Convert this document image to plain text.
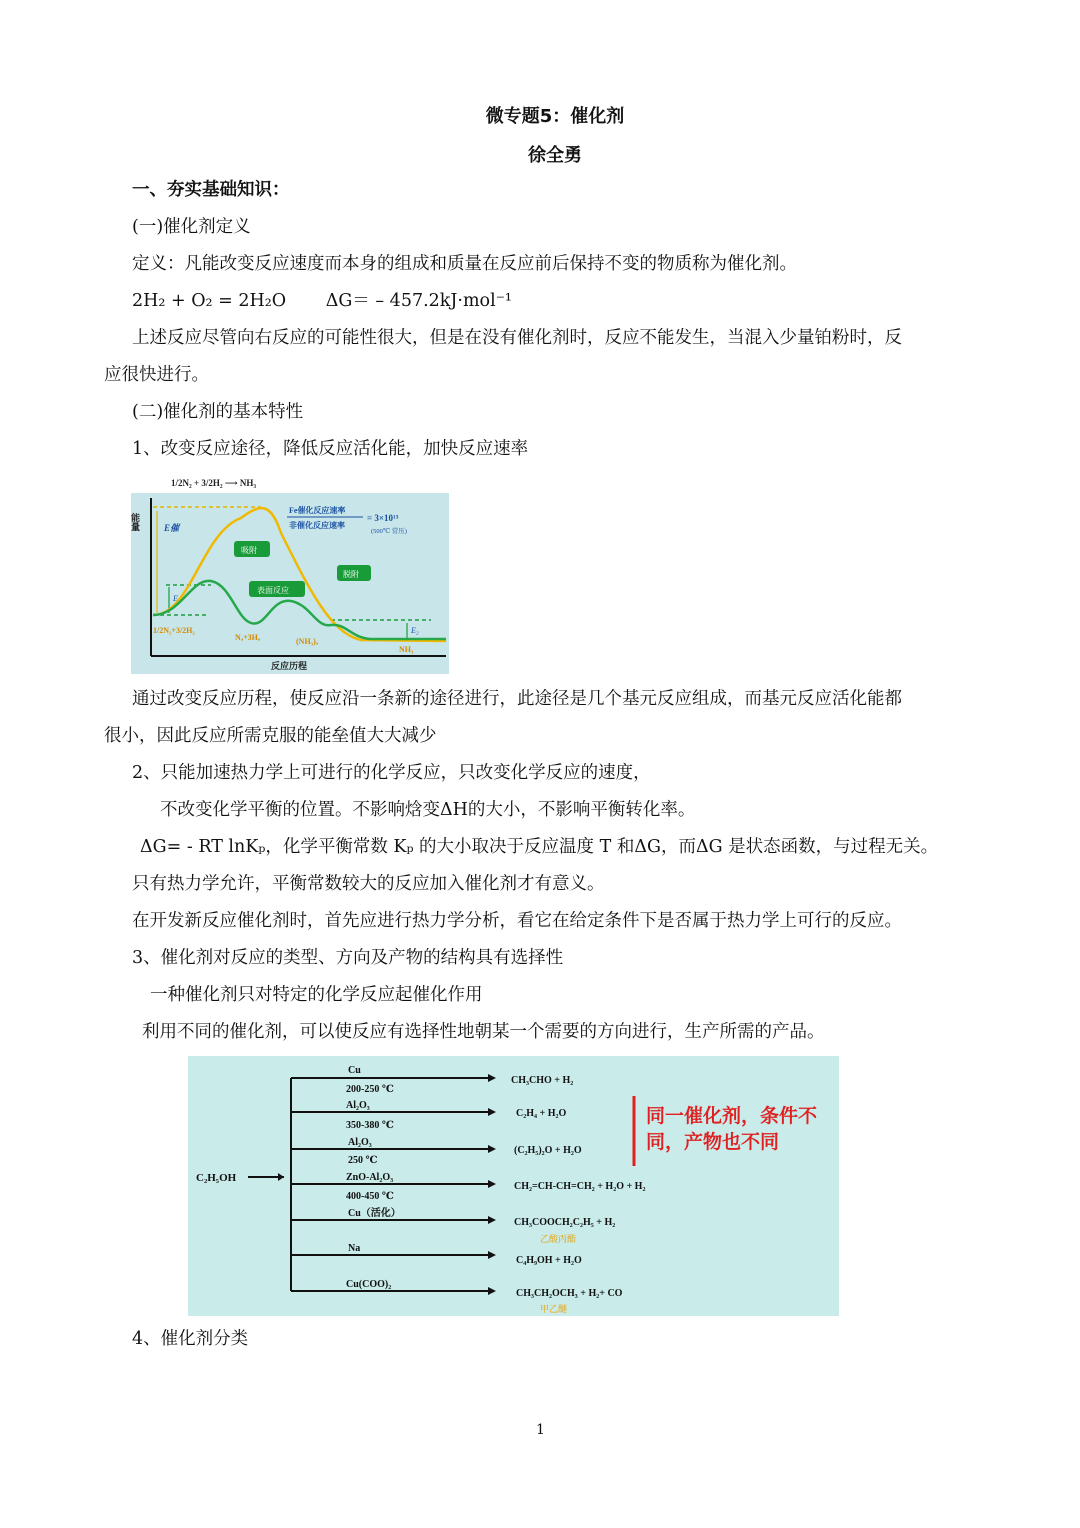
微专题5：催化剂
徐全勇
一、夯实基础知识：
(一)催化剂定义
定义：凡能改变反应速度而本身的组成和质量在反应前后保持不变的物质称为催化剂。
2H₂ + O₂ = 2H₂O ΔG＝ – 457.2kJ·mol⁻¹
上述反应尽管向右反应的可能性很大，但是在没有催化剂时，反应不能发生，当混入少量铂粉时，反
应很快进行。
(二)催化剂的基本特性
1、改变反应途径，降低反应活化能，加快反应速率
1/2N₂ + 3/2H₂ ⟶ NH₃
能量
反应历程
E催
E₁
E₂
吸附
表面反应
脱附
Fe催化反应速率
非催化反应速率
= 3×10¹³
(500℃ 常压)
1/2N₂+3/2H₂
Nₐ+3Hₐ	(NH₃)ₐ
NH₃
通过改变反应历程，使反应沿一条新的途径进行，此途径是几个基元反应组成，而基元反应活化能都
很小，因此反应所需克服的能垒值大大减少
2、只能加速热力学上可进行的化学反应，只改变化学反应的速度，
不改变化学平衡的位置。不影响焓变ΔH的大小，不影响平衡转化率。
ΔG= - RT lnKₚ，化学平衡常数 Kₚ 的大小取决于反应温度 T 和ΔG，而ΔG 是状态函数，与过程无关。
只有热力学允许，平衡常数较大的反应加入催化剂才有意义。
在开发新反应催化剂时，首先应进行热力学分析，看它在给定条件下是否属于热力学上可行的反应。
3、催化剂对反应的类型、方向及产物的结构具有选择性
一种催化剂只对特定的化学反应起催化作用
利用不同的催化剂，可以使反应有选择性地朝某一个需要的方向进行，生产所需的产品。
C₂H₅OH
Cu
200-250 ℃
Al₂O₃
350-380 ℃
Al₂O₃
250 ℃
ZnO-Al₂O₃
400-450 ℃
Cu（活化）
Na
Cu(COO)₂
CH₃CHO + H₂
C₂H₄ + H₂O
(C₂H₅)₂O + H₂O
CH₂=CH-CH=CH₂ + H₂O + H₂
CH₃COOCH₂C₂H₅ + H₂
乙酸丙酯
C₄H₉OH + H₂O
CH₃CH₂OCH₃ + H₂+ CO
甲乙醚
同一催化剂，条件不
同，产物也不同
4、催化剂分类
1
